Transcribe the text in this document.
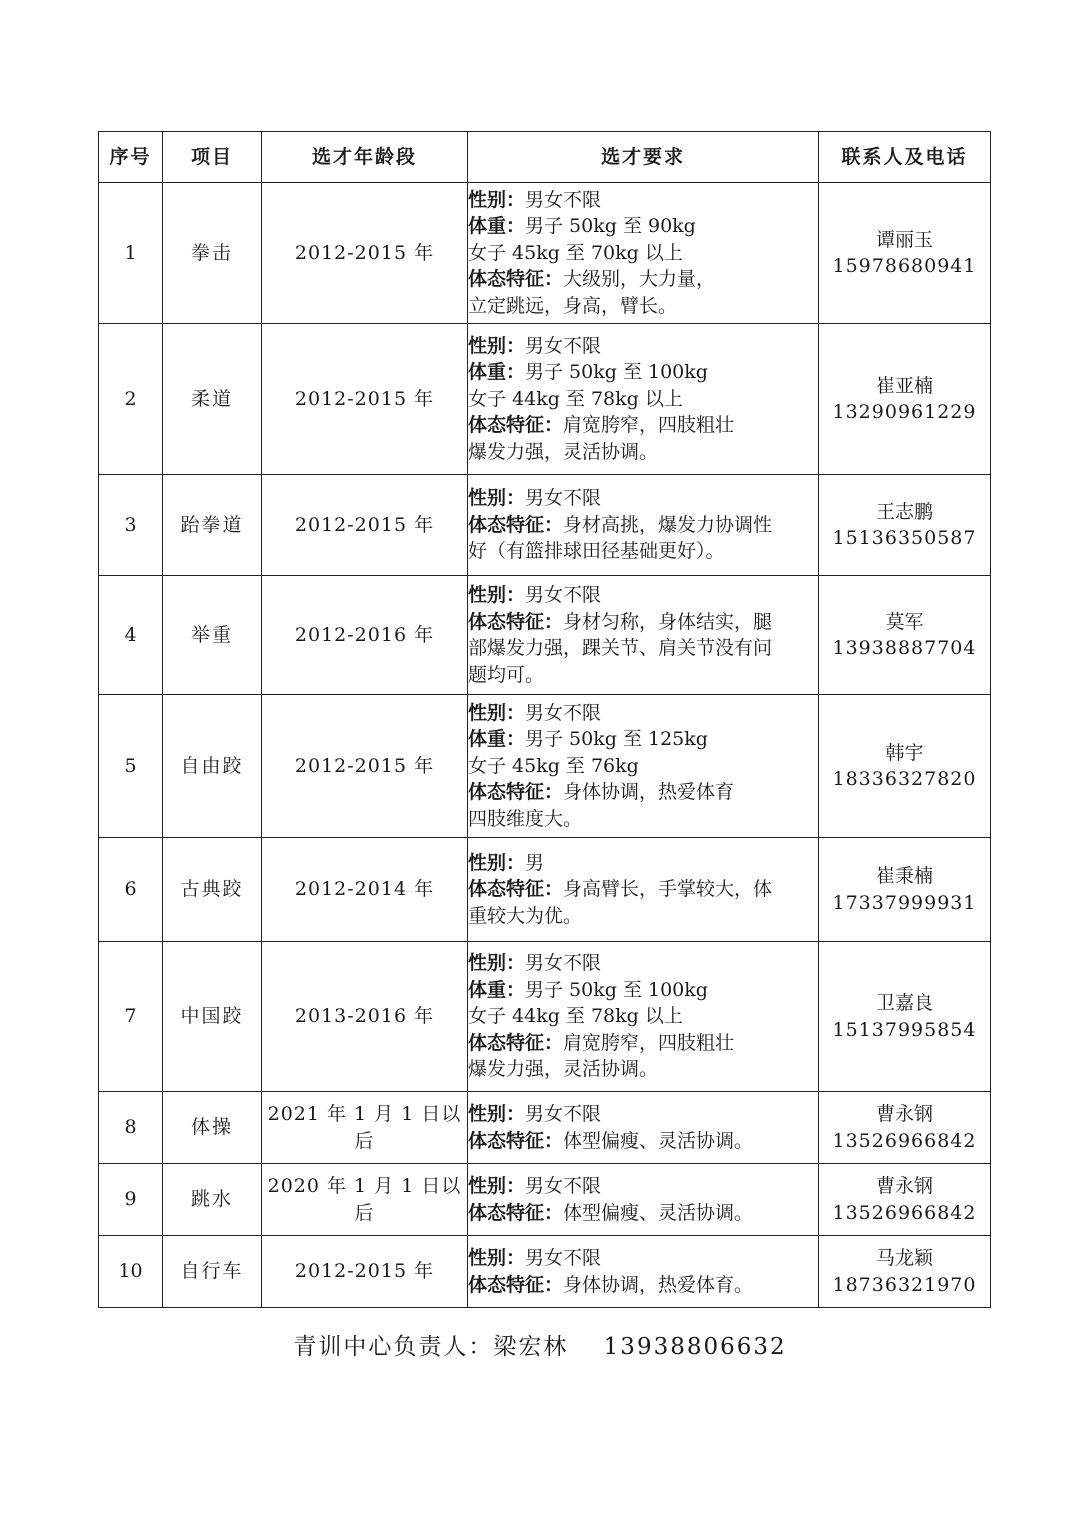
序号	项目	选才年龄段	选才要求	联系人及电话
1	拳击	2012-2015 年	性别：男女不限
体重：男子 50kg 至 90kg
女子 45kg 至 70kg 以上
体态特征：大级别，大力量，
立定跳远，身高，臂长。	谭丽玉
15978680941

2	柔道	2012-2015 年	性别：男女不限
体重：男子 50kg 至 100kg
女子 44kg 至 78kg 以上
体态特征：肩宽胯窄，四肢粗壮
爆发力强，灵活协调。	崔亚楠
13290961229

3	跆拳道	2012-2015 年	性别：男女不限
体态特征：身材高挑，爆发力协调性
好（有篮排球田径基础更好）。	王志鹏
15136350587

4	举重	2012-2016 年	性别：男女不限
体态特征：身材匀称，身体结实，腿
部爆发力强，踝关节、肩关节没有问
题均可。	莫军
13938887704

5	自由跤	2012-2015 年	性别：男女不限
体重：男子 50kg 至 125kg
女子 45kg 至 76kg
体态特征：身体协调，热爱体育
四肢维度大。	韩宇
18336327820

6	古典跤	2012-2014 年	性别：男
体态特征：身高臂长，手掌较大，体
重较大为优。	崔秉楠
17337999931

7	中国跤	2013-2016 年	性别：男女不限
体重：男子 50kg 至 100kg
女子 44kg 至 78kg 以上
体态特征：肩宽胯窄，四肢粗壮
爆发力强，灵活协调。	卫嘉良
15137995854

8	体操	2021 年 1 月 1 日以后	性别：男女不限
体态特征：体型偏瘦、灵活协调。	曹永钢
13526966842

9	跳水	2020 年 1 月 1 日以后	性别：男女不限
体态特征：体型偏瘦、灵活协调。	曹永钢
13526966842

10	自行车	2012-2015 年	性别：男女不限
体态特征：身体协调，热爱体育。	马龙颖
18736321970
青训中心负责人：梁宏林 13938806632
